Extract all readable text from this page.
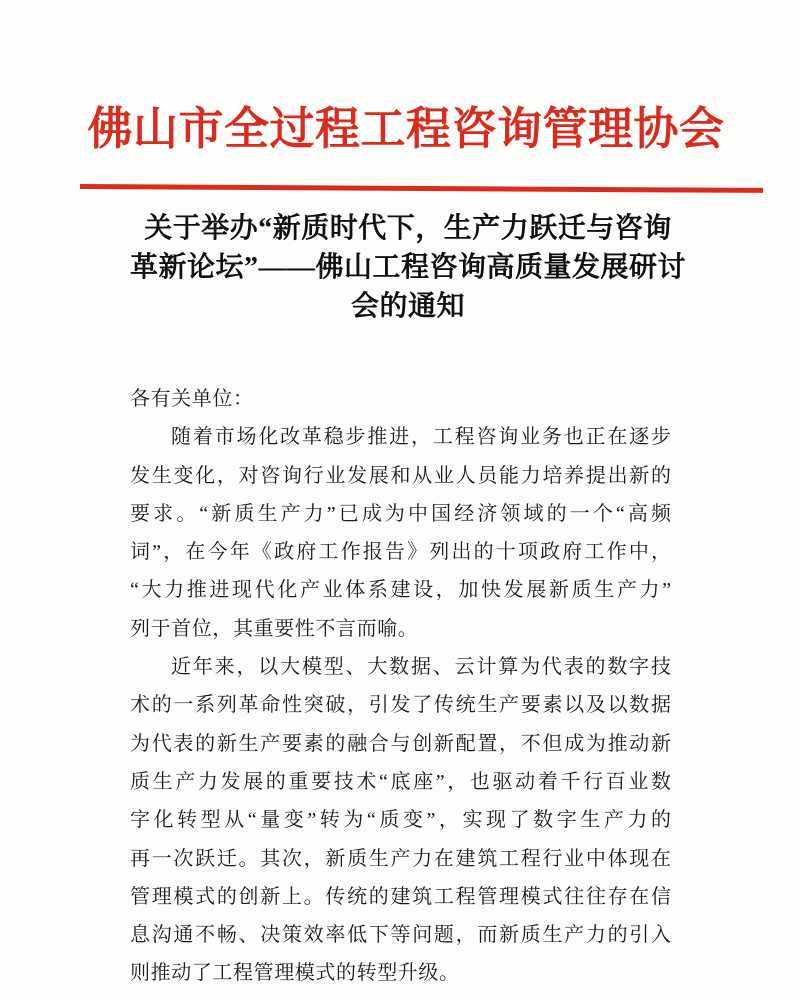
佛山市全过程工程咨询管理协会
关于举办“新质时代下，生产力跃迁与咨询
革新论坛”——佛山工程咨询高质量发展研讨
会的通知
各有关单位：
随着市场化改革稳步推进，工程咨询业务也正在逐步
发生变化，对咨询行业发展和从业人员能力培养提出新的
要求。“新质生产力”已成为中国经济领域的一个“高频
词”，在今年《政府工作报告》列出的十项政府工作中，
“大力推进现代化产业体系建设，加快发展新质生产力”
列于首位，其重要性不言而喻。
近年来，以大模型、大数据、云计算为代表的数字技
术的一系列革命性突破，引发了传统生产要素以及以数据
为代表的新生产要素的融合与创新配置，不但成为推动新
质生产力发展的重要技术“底座”，也驱动着千行百业数
字化转型从“量变”转为“质变”，实现了数字生产力的
再一次跃迁。其次，新质生产力在建筑工程行业中体现在
管理模式的创新上。传统的建筑工程管理模式往往存在信
息沟通不畅、决策效率低下等问题，而新质生产力的引入
则推动了工程管理模式的转型升级。
